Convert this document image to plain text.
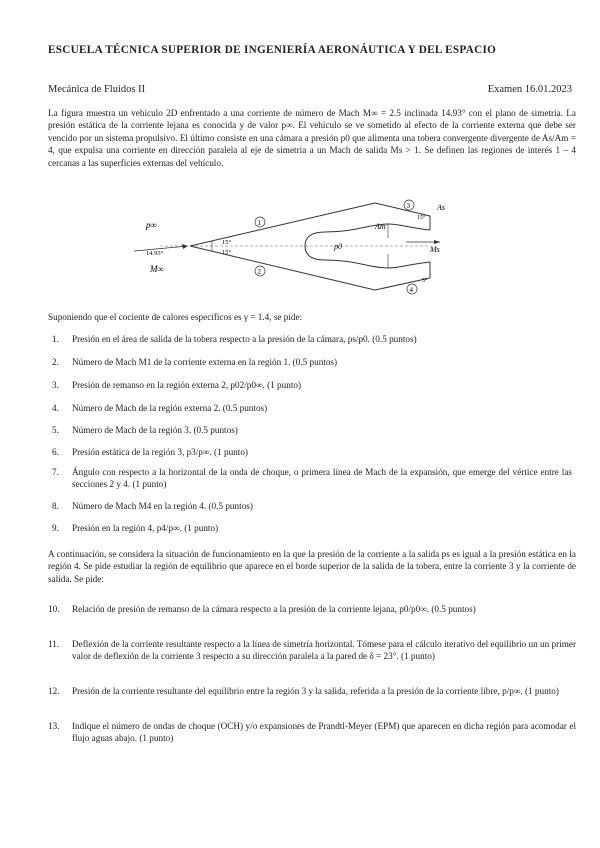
ESCUELA TÉCNICA SUPERIOR DE INGENIERÍA AERONÁUTICA Y DEL ESPACIO
Mecánica de Fluidos II	Examen 16.01.2023
La figura muestra un vehículo 2D enfrentado a una corriente de número de Mach M∞ = 2.5 inclinada 14.93° con el plano de simetría. La presión estática de la corriente lejana es conocida y de valor p∞. El vehículo se ve sometido al efecto de la corriente externa que debe ser vencido por un sistema propulsivo. El último consiste en una cámara a presión p0 que alimenta una tobera convergente divergente de As/Am = 4, que expulsa una corriente en dirección paralela al eje de simetría a un Mach de salida Ms > 1. Se definen las regiones de interés 1 – 4 cercanas a las superficies externas del vehículo.
p∞
M∞
14.93°
15°
15°
p0
Am
As
Ms
15°
5°
1
2
3
4
Suponiendo que el cociente de calores específicos es γ = 1.4, se pide:
1. Presión en el área de salida de la tobera respecto a la presión de la cámara, ps/p0. (0.5 puntos)
2. Número de Mach M1 de la corriente externa en la región 1. (0.5 puntos)
3. Presión de remanso en la región externa 2, p02/p0∞. (1 punto)
4. Número de Mach de la región externa 2. (0.5 puntos)
5. Número de Mach de la región 3. (0.5 puntos)
6. Presión estática de la región 3, p3/p∞. (1 punto)
7. Ángulo con respecto a la horizontal de la onda de choque, o primera línea de Mach de la expansión, que emerge del vértice entre las secciones 2 y 4. (1 punto)
8. Número de Mach M4 en la región 4. (0.5 puntos)
9. Presión en la región 4, p4/p∞. (1 punto)
A continuación, se considera la situación de funcionamiento en la que la presión de la corriente a la salida ps es igual a la presión estática en la región 4. Se pide estudiar la región de equilibrio que aparece en el borde superior de la salida de la tobera, entre la corriente 3 y la corriente de salida. Se pide:
10. Relación de presión de remanso de la cámara respecto a la presión de la corriente lejana, p0/p0∞. (0.5 puntos)
11. Deflexión de la corriente resultante respecto a la línea de simetría horizontal. Tómese para el cálculo iterativo del equilibrio un un primer valor de deflexión de la corriente 3 respecto a su dirección paralela a la pared de δ = 23°. (1 punto)
12. Presión de la corriente resultante del equilibrio entre la región 3 y la salida, referida a la presión de la corriente libre, p/p∞. (1 punto)
13. Indique el número de ondas de choque (OCH) y/o expansiones de Prandtl-Meyer (EPM) que aparecen en dicha región para acomodar el flujo aguas abajo. (1 punto)
